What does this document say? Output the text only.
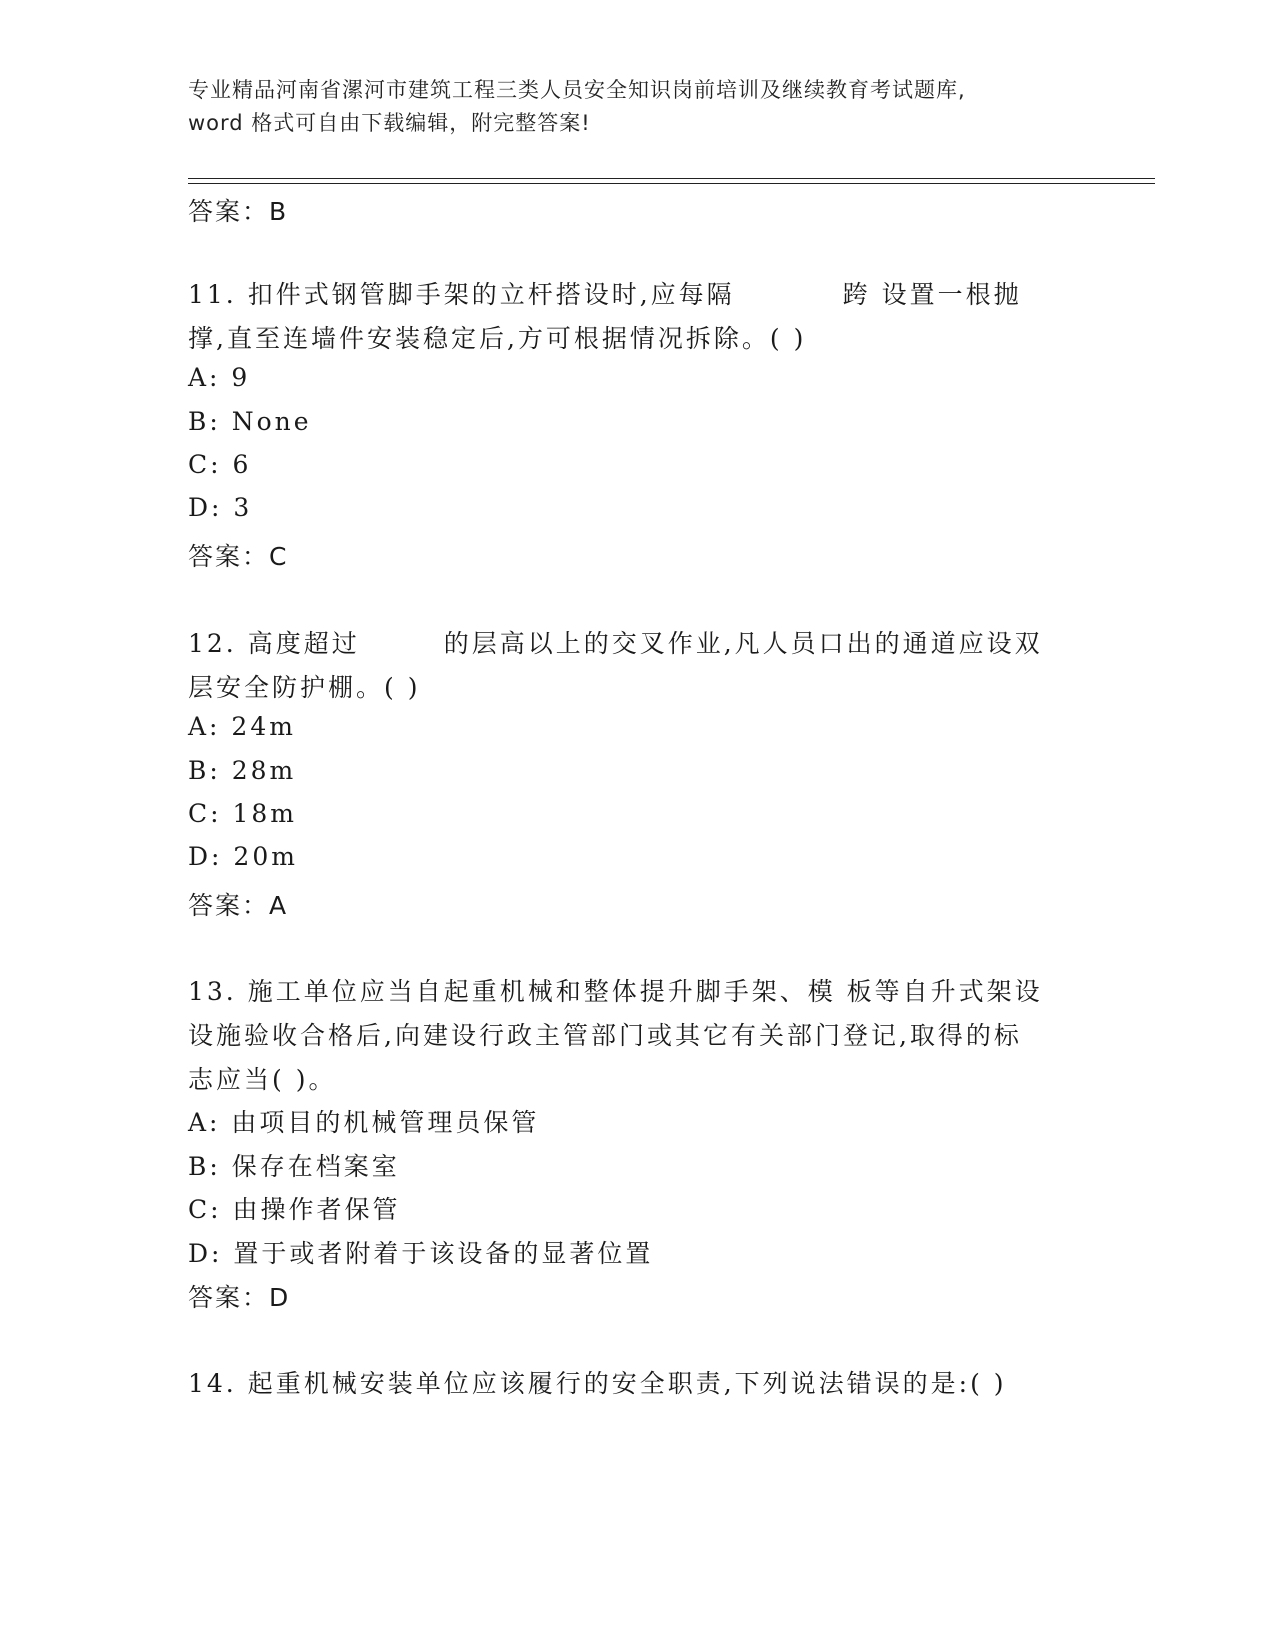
专业精品河南省漯河市建筑工程三类人员安全知识岗前培训及继续教育考试题库,
word 格式可自由下载编辑，附完整答案!
答案：B
11. 扣件式钢管脚手架的立杆搭设时,应每隔	跨 设置一根抛
撑,直至连墙件安装稳定后,方可根据情况拆除。( )
A: 9
B: None
C: 6
D: 3
答案：C
12. 高度超过	的层高以上的交叉作业,凡人员口出的通道应设双
层安全防护棚。( )
A: 24m
B: 28m
C: 18m
D: 20m
答案：A
13. 施工单位应当自起重机械和整体提升脚手架、模 板等自升式架设
设施验收合格后,向建设行政主管部门或其它有关部门登记,取得的标
志应当( )。
A: 由项目的机械管理员保管
B: 保存在档案室
C: 由操作者保管
D: 置于或者附着于该设备的显著位置
答案：D
14. 起重机械安装单位应该履行的安全职责,下列说法错误的是:( )
